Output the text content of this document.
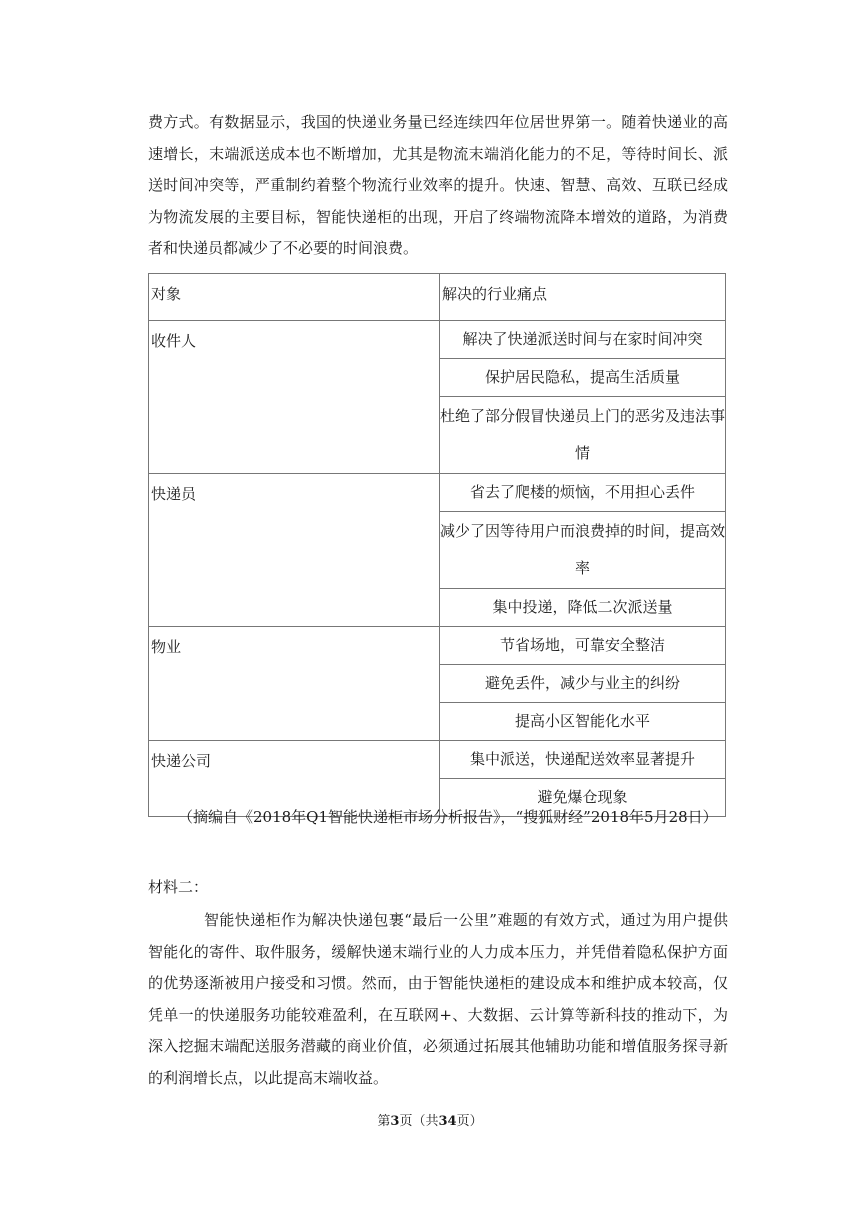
费方式。有数据显示，我国的快递业务量已经连续四年位居世界第一。随着快递业的高速增长，末端派送成本也不断增加，尤其是物流末端消化能力的不足，等待时间长、派送时间冲突等，严重制约着整个物流行业效率的提升。快速、智慧、高效、互联已经成为物流发展的主要目标，智能快递柜的出现，开启了终端物流降本增效的道路，为消费者和快递员都减少了不必要的时间浪费。

对象	解决的行业痛点
收件人	解决了快递派送时间与在家时间冲突
	保护居民隐私，提高生活质量
	杜绝了部分假冒快递员上门的恶劣及违法事情
快递员	省去了爬楼的烦恼，不用担心丢件
	减少了因等待用户而浪费掉的时间，提高效率
	集中投递，降低二次派送量
物业	节省场地，可靠安全整洁
	避免丢件，减少与业主的纠纷
	提高小区智能化水平
快递公司	集中派送，快递配送效率显著提升
	避免爆仓现象
（摘编自《2018年Q1智能快递柜市场分析报告》，“搜狐财经”2018年5月28日）
材料二：

智能快递柜作为解决快递包裹“最后一公里”难题的有效方式，通过为用户提供智能化的寄件、取件服务，缓解快递末端行业的人力成本压力，并凭借着隐私保护方面的优势逐渐被用户接受和习惯。然而，由于智能快递柜的建设成本和维护成本较高，仅凭单一的快递服务功能较难盈利，在互联网+、大数据、云计算等新科技的推动下，为深入挖掘末端配送服务潜藏的商业价值，必须通过拓展其他辅助功能和增值服务探寻新的利润增长点，以此提高末端收益。

第3页（共34页）
